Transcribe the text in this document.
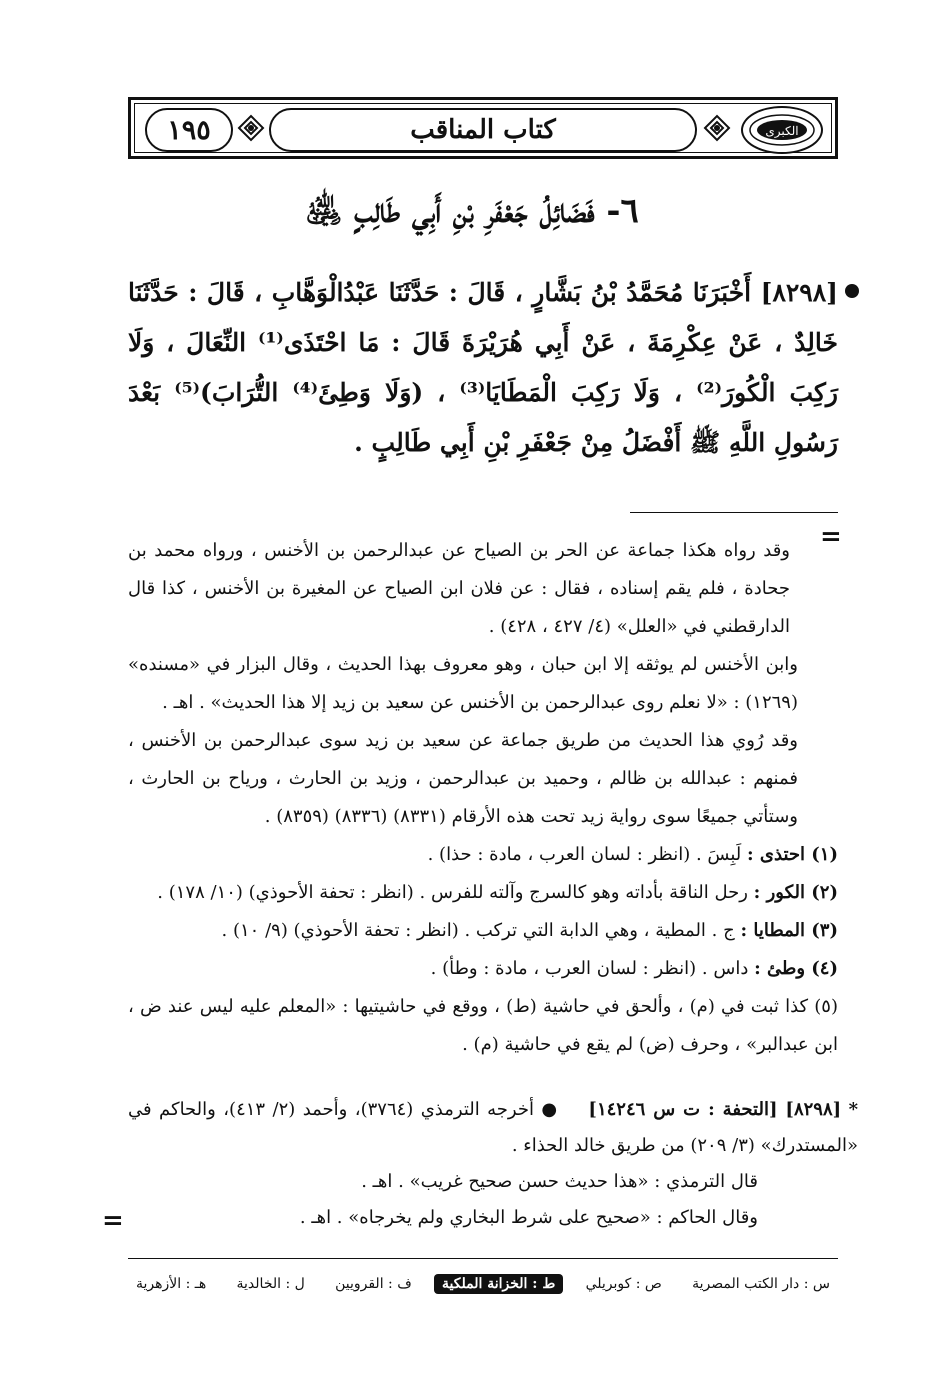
الكبرى
كتاب المناقب
١٩٥
٦- فَضَائِلُ جَعْفَرِ بْنِ أَبِي طَالِبٍ ﵁
[٨٢٩٨] أَخْبَرَنَا مُحَمَّدُ بْنُ بَشَّارٍ ، قَالَ : حَدَّثَنَا عَبْدُالْوَهَّابِ ، قَالَ : حَدَّثَنَا خَالِدٌ ، عَنْ عِكْرِمَةَ ، عَنْ أَبِي هُرَيْرَةَ قَالَ : مَا احْتَذَى⁽¹⁾ النِّعَالَ ، وَلَا رَكِبَ الْكُورَ⁽²⁾ ، وَلَا رَكِبَ الْمَطَايَا⁽³⁾ ، (وَلَا وَطِئَ⁽⁴⁾ التُّرَابَ)⁽⁵⁾ بَعْدَ رَسُولِ اللَّهِ ﷺ أَفْضَلُ مِنْ جَعْفَرِ بْنِ أَبِي طَالِبٍ .
=

وقد رواه هكذا جماعة عن الحر بن الصياح عن عبدالرحمن بن الأخنس ، ورواه محمد بن جحادة ، فلم يقم إسناده ، فقال : عن فلان ابن الصياح عن المغيرة بن الأخنس ، كذا قال الدارقطني في «العلل» (٤/ ٤٢٧ ، ٤٢٨) .

وابن الأخنس لم يوثقه إلا ابن حبان ، وهو معروف بهذا الحديث ، وقال البزار في «مسنده» (١٢٦٩) : «لا نعلم روى عبدالرحمن بن الأخنس عن سعيد بن زيد إلا هذا الحديث» . اهـ .

وقد رُوي هذا الحديث من طريق جماعة عن سعيد بن زيد سوى عبدالرحمن بن الأخنس ، فمنهم : عبدالله بن ظالم ، وحميد بن عبدالرحمن ، وزيد بن الحارث ، ورياح بن الحارث ، وستأتي جميعًا سوى رواية زيد تحت هذه الأرقام (٨٣٣١) (٨٣٣٦) (٨٣٥٩) .

(١) احتذى : لَبِسَ . (انظر : لسان العرب ، مادة : حذا) .

(٢) الكور : رحل الناقة بأداته وهو كالسرج وآلته للفرس . (انظر : تحفة الأحوذي) (١٠/ ١٧٨) .

(٣) المطايا : ج . المطية ، وهي الدابة التي تركب . (انظر : تحفة الأحوذي) (٩/ ١٠) .

(٤) وطئ : داس . (انظر : لسان العرب ، مادة : وطأ) .

(٥) كذا ثبت في (م) ، وألحق في حاشية (ط) ، ووقع في حاشيتيها : «المعلم عليه ليس عند ض ، ابن عبدالبر» ، وحرف (ض) لم يقع في حاشية (م) .

* [٨٢٩٨] [التحفة : ت س ١٤٢٤٦]    ● أخرجه الترمذي (٣٧٦٤)، وأحمد (٢/ ٤١٣)، والحاكم في «المستدرك» (٣/ ٢٠٩) من طريق خالد الحذاء .

قال الترمذي : «هذا حديث حسن صحيح غريب» . اهـ .

وقال الحاكم : «صحيح على شرط البخاري ولم يخرجاه» . اهـ .

=
س : دار الكتب المصرية
ص : كوبريلي
ط : الخزانة الملكية
ف : القرويين
ل : الخالدية
هـ : الأزهرية
